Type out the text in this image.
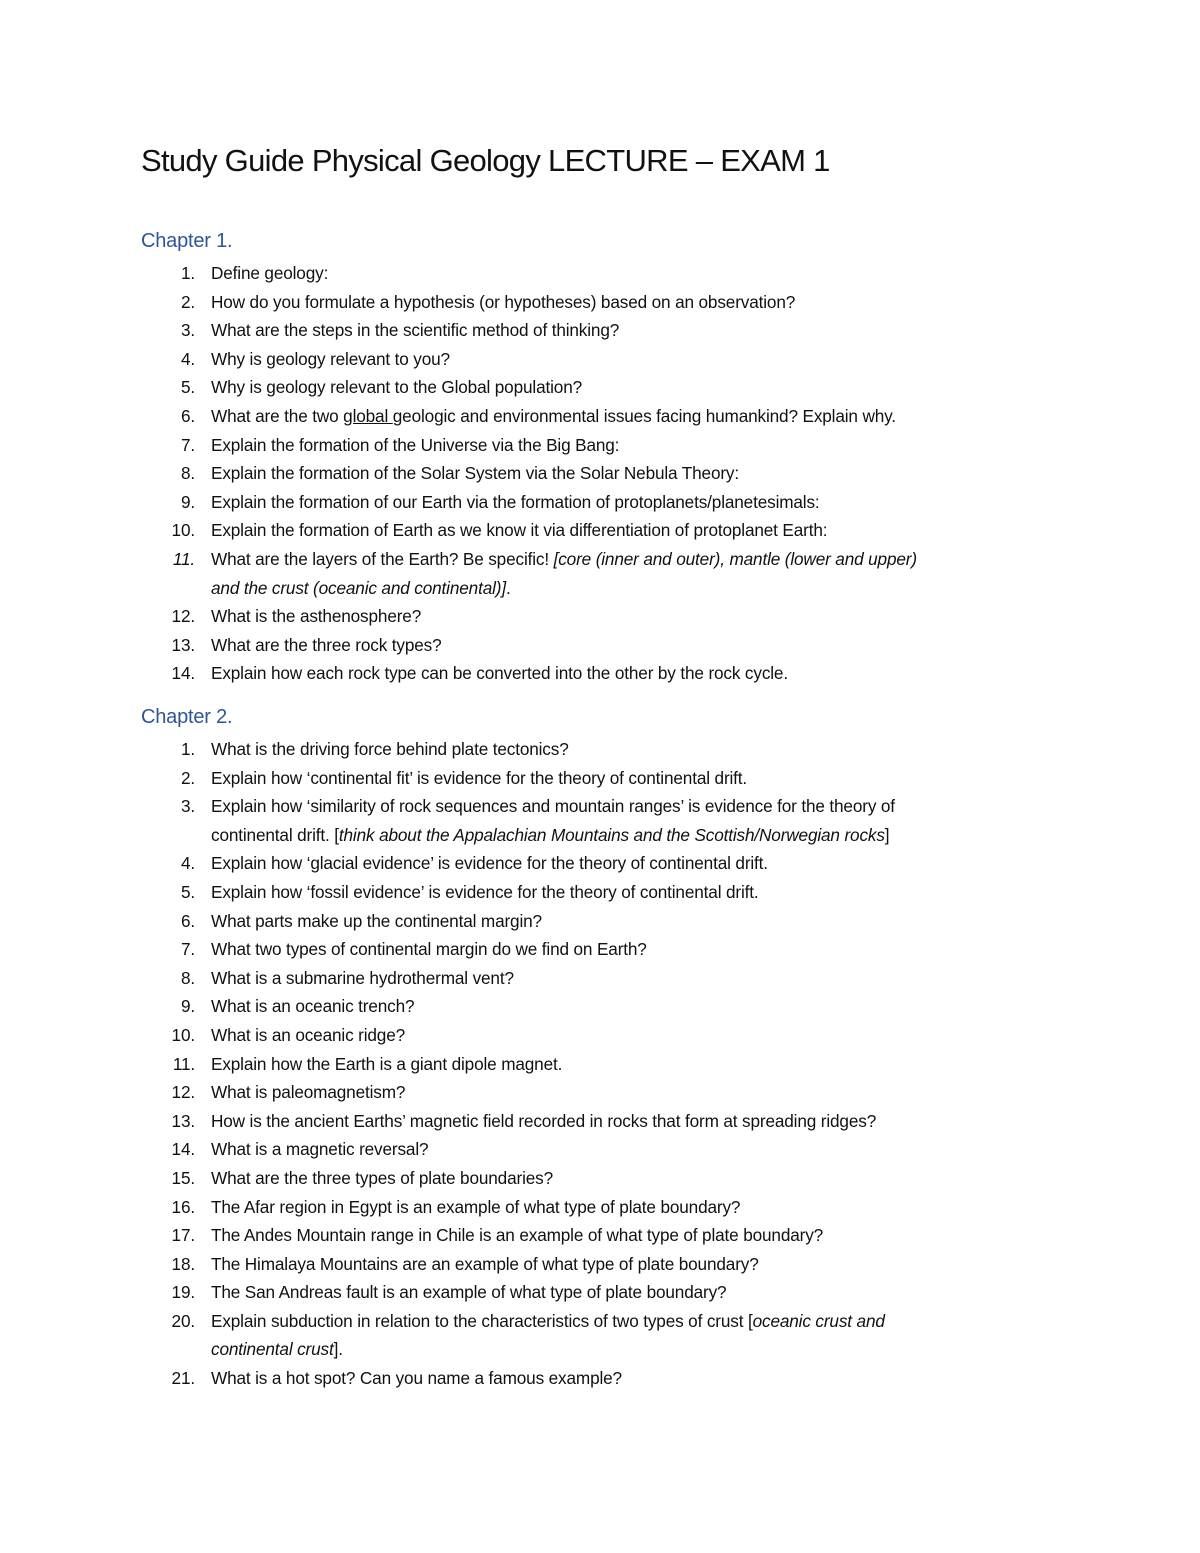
Study Guide Physical Geology LECTURE – EXAM 1
Chapter 1.
1. Define geology:
2. How do you formulate a hypothesis (or hypotheses) based on an observation?
3. What are the steps in the scientific method of thinking?
4. Why is geology relevant to you?
5. Why is geology relevant to the Global population?
6. What are the two global geologic and environmental issues facing humankind? Explain why.
7. Explain the formation of the Universe via the Big Bang:
8. Explain the formation of the Solar System via the Solar Nebula Theory:
9. Explain the formation of our Earth via the formation of protoplanets/planetesimals:
10. Explain the formation of Earth as we know it via differentiation of protoplanet Earth:
11. What are the layers of the Earth? Be specific! [core (inner and outer), mantle (lower and upper)
and the crust (oceanic and continental)].
12. What is the asthenosphere?
13. What are the three rock types?
14. Explain how each rock type can be converted into the other by the rock cycle.
Chapter 2.
1. What is the driving force behind plate tectonics?
2. Explain how ‘continental fit’ is evidence for the theory of continental drift.
3. Explain how ‘similarity of rock sequences and mountain ranges’ is evidence for the theory of
continental drift. [think about the Appalachian Mountains and the Scottish/Norwegian rocks]
4. Explain how ‘glacial evidence’ is evidence for the theory of continental drift.
5. Explain how ‘fossil evidence’ is evidence for the theory of continental drift.
6. What parts make up the continental margin?
7. What two types of continental margin do we find on Earth?
8. What is a submarine hydrothermal vent?
9. What is an oceanic trench?
10. What is an oceanic ridge?
11. Explain how the Earth is a giant dipole magnet.
12. What is paleomagnetism?
13. How is the ancient Earths’ magnetic field recorded in rocks that form at spreading ridges?
14. What is a magnetic reversal?
15. What are the three types of plate boundaries?
16. The Afar region in Egypt is an example of what type of plate boundary?
17. The Andes Mountain range in Chile is an example of what type of plate boundary?
18. The Himalaya Mountains are an example of what type of plate boundary?
19. The San Andreas fault is an example of what type of plate boundary?
20. Explain subduction in relation to the characteristics of two types of crust [oceanic crust and
continental crust].
21. What is a hot spot? Can you name a famous example?
